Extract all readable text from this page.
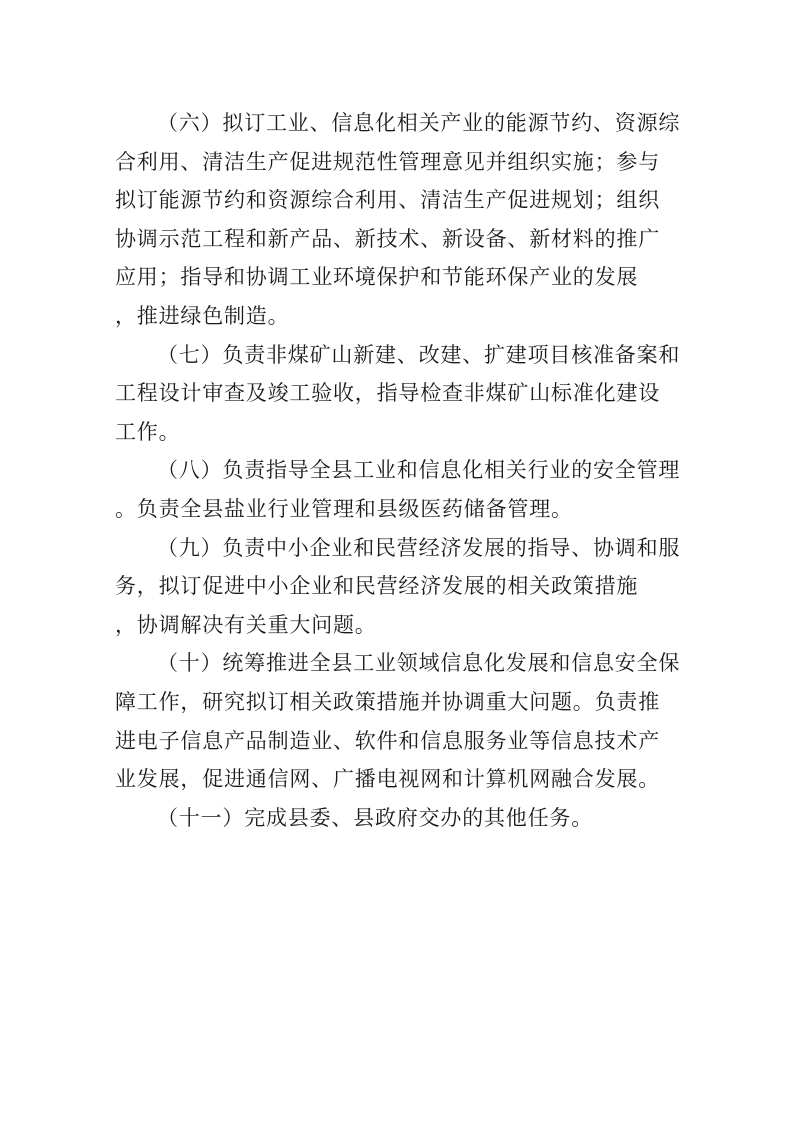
（六）拟订工业、信息化相关产业的能源节约、资源综
合利用、清洁生产促进规范性管理意见并组织实施；参与
拟订能源节约和资源综合利用、清洁生产促进规划；组织
协调示范工程和新产品、新技术、新设备、新材料的推广
应用；指导和协调工业环境保护和节能环保产业的发展
，推进绿色制造。
（七）负责非煤矿山新建、改建、扩建项目核准备案和
工程设计审查及竣工验收，指导检查非煤矿山标准化建设
工作。
（八）负责指导全县工业和信息化相关行业的安全管理
。负责全县盐业行业管理和县级医药储备管理。
（九）负责中小企业和民营经济发展的指导、协调和服
务，拟订促进中小企业和民营经济发展的相关政策措施
，协调解决有关重大问题。
（十）统筹推进全县工业领域信息化发展和信息安全保
障工作，研究拟订相关政策措施并协调重大问题。负责推
进电子信息产品制造业、软件和信息服务业等信息技术产
业发展，促进通信网、广播电视网和计算机网融合发展。
（十一）完成县委、县政府交办的其他任务。
